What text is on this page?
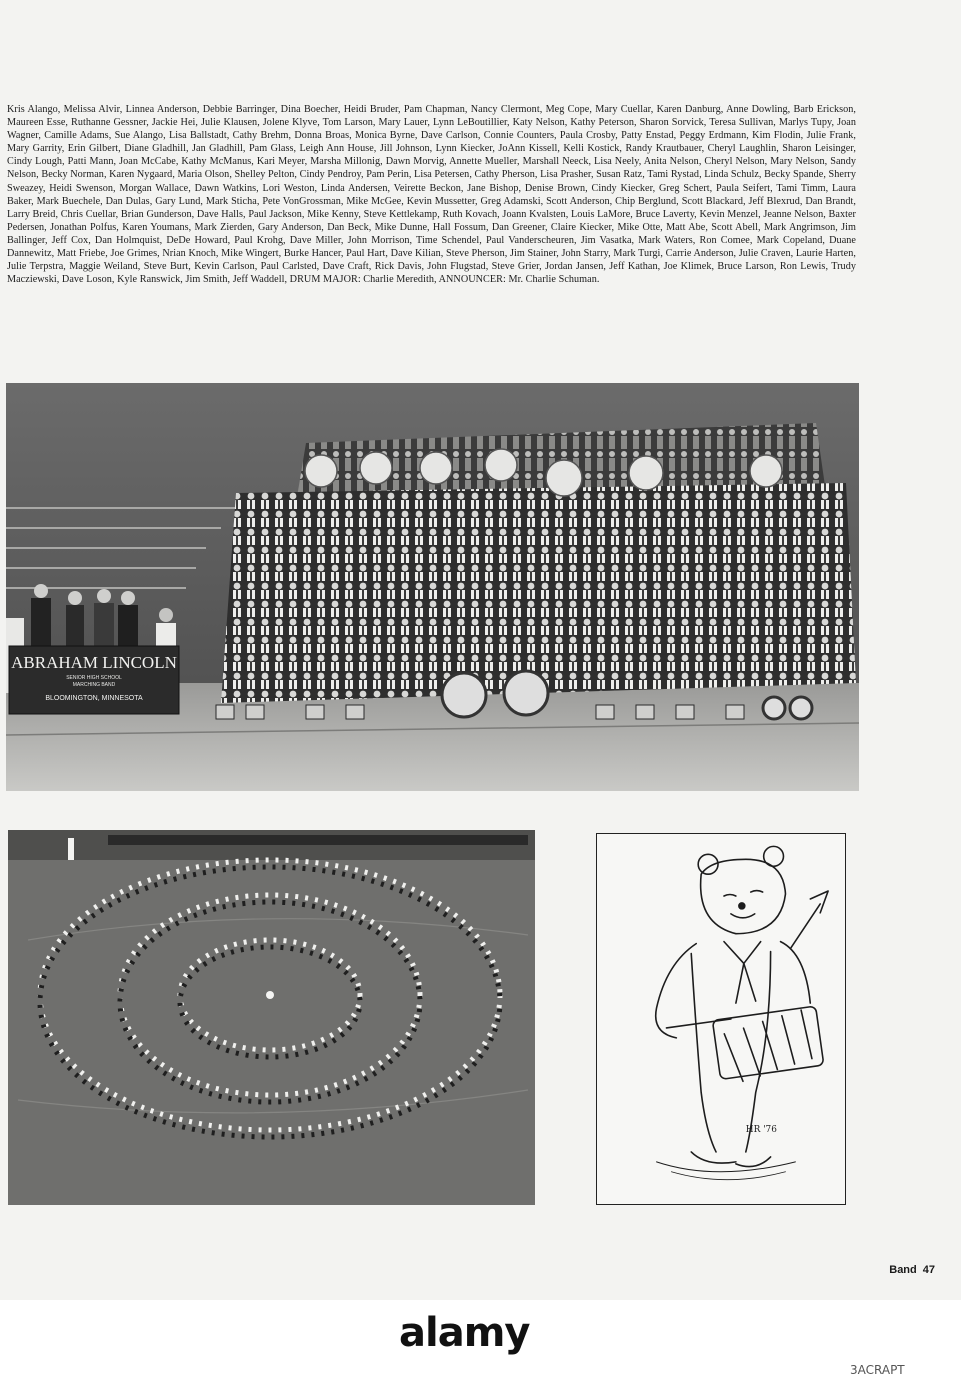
Kris Alango, Melissa Alvir, Linnea Anderson, Debbie Barringer, Dina Boecher, Heidi Bruder, Pam Chapman, Nancy Clermont, Meg Cope, Mary Cuellar, Karen Danburg, Anne Dowling, Barb Erickson, Maureen Esse, Ruthanne Gessner, Jackie Hei, Julie Klausen, Jolene Klyve, Tom Larson, Mary Lauer, Lynn LeBoutillier, Katy Nelson, Kathy Peterson, Sharon Sorvick, Teresa Sullivan, Marlys Tupy, Joan Wagner, Camille Adams, Sue Alango, Lisa Ballstadt, Cathy Brehm, Donna Broas, Monica Byrne, Dave Carlson, Connie Counters, Paula Crosby, Patty Enstad, Peggy Erdmann, Kim Flodin, Julie Frank, Mary Garrity, Erin Gilbert, Diane Gladhill, Jan Gladhill, Pam Glass, Leigh Ann House, Jill Johnson, Lynn Kiecker, JoAnn Kissell, Kelli Kostick, Randy Krautbauer, Cheryl Laughlin, Sharon Leisinger, Cindy Lough, Patti Mann, Joan McCabe, Kathy McManus, Kari Meyer, Marsha Millonig, Dawn Morvig, Annette Mueller, Marshall Neeck, Lisa Neely, Anita Nelson, Cheryl Nelson, Mary Nelson, Sandy Nelson, Becky Norman, Karen Nygaard, Maria Olson, Shelley Pelton, Cindy Pendroy, Pam Perin, Lisa Petersen, Cathy Pherson, Lisa Prasher, Susan Ratz, Tami Rystad, Linda Schulz, Becky Spande, Sherry Sweazey, Heidi Swenson, Morgan Wallace, Dawn Watkins, Lori Weston, Linda Andersen, Veirette Beckon, Jane Bishop, Denise Brown, Cindy Kiecker, Greg Schert, Paula Seifert, Tami Timm, Laura Baker, Mark Buechele, Dan Dulas, Gary Lund, Mark Sticha, Pete VonGrossman, Mike McGee, Kevin Mussetter, Greg Adamski, Scott Anderson, Chip Berglund, Scott Blackard, Jeff Blexrud, Dan Brandt, Larry Breid, Chris Cuellar, Brian Gunderson, Dave Halls, Paul Jackson, Mike Kenny, Steve Kettlekamp, Ruth Kovach, Joann Kvalsten, Louis LaMore, Bruce Laverty, Kevin Menzel, Jeanne Nelson, Baxter Pedersen, Jonathan Polfus, Karen Youmans, Mark Zierden, Gary Anderson, Dan Beck, Mike Dunne, Hall Fossum, Dan Greener, Claire Kiecker, Mike Otte, Matt Abe, Scott Abell, Mark Angrimson, Jim Ballinger, Jeff Cox, Dan Holmquist, DeDe Howard, Paul Krohg, Dave Miller, John Morrison, Time Schendel, Paul Vanderscheuren, Jim Vasatka, Mark Waters, Ron Comee, Mark Copeland, Duane Dannewitz, Matt Friebe, Joe Grimes, Nrian Knoch, Mike Wingert, Burke Hancer, Paul Hart, Dave Kilian, Steve Pherson, Jim Stainer, John Starry, Mark Turgi, Carrie Anderson, Julie Craven, Laurie Harten, Julie Terpstra, Maggie Weiland, Steve Burt, Kevin Carlson, Paul Carlsted, Dave Craft, Rick Davis, John Flugstad, Steve Grier, Jordan Jansen, Jeff Kathan, Joe Klimek, Bruce Larson, Ron Lewis, Trudy Macziewski, Dave Loson, Kyle Ranswick, Jim Smith, Jeff Waddell, DRUM MAJOR: Charlie Meredith, ANNOUNCER: Mr. Charlie Schuman.

ABRAHAM LINCOLN
SENIOR HIGH SCHOOL
MARCHING BAND
BLOOMINGTON, MINNESOTA
HR '76
Band 47
alamy
3ACRAPT
